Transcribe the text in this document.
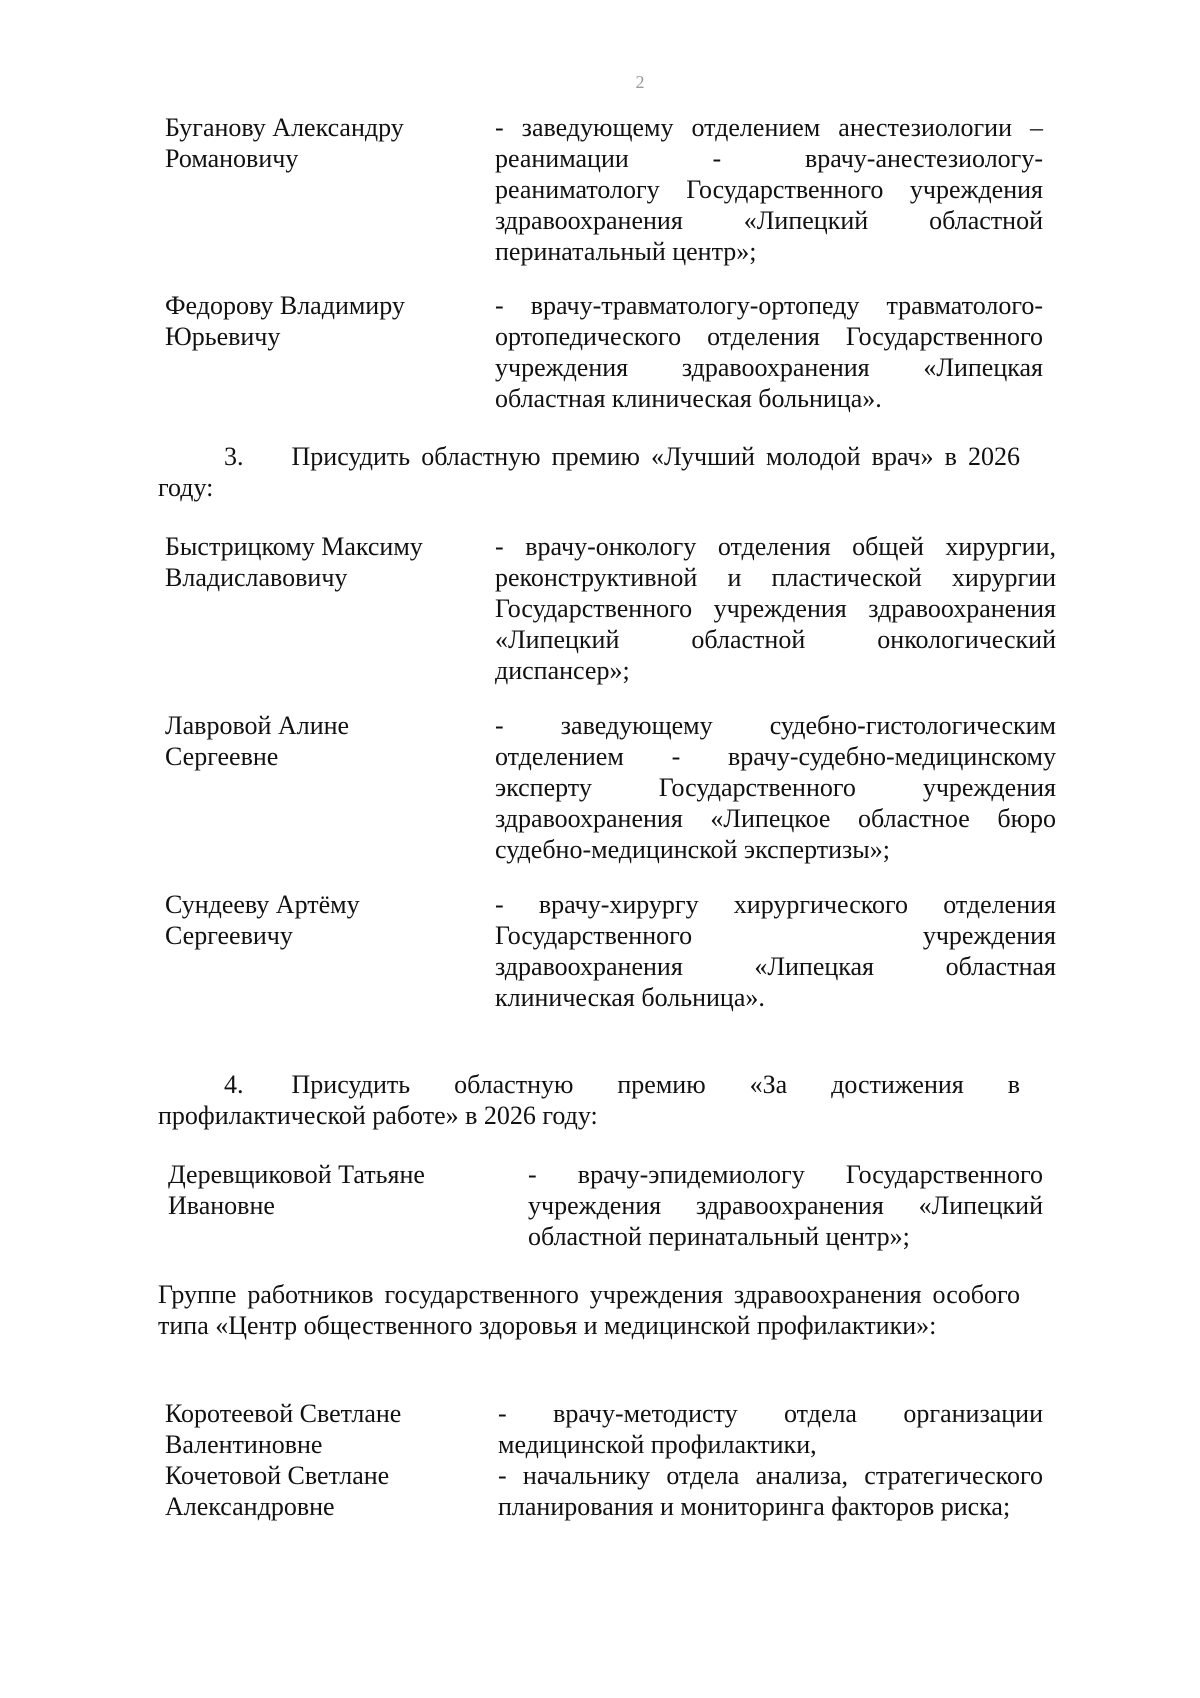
2
Буганову Александру
Романовичу
- заведующему отделением анестезиологии –
реанимации - врачу-анестезиологу-
реаниматологу Государственного учреждения
здравоохранения «Липецкий областной
перинатальный центр»;
Федорову Владимиру
Юрьевичу
- врачу-травматологу-ортопеду травматолого-
ортопедического отделения Государственного
учреждения здравоохранения «Липецкая
областная клиническая больница».
3. Присудить областную премию «Лучший молодой врач» в 2026
году:
Быстрицкому Максиму
Владиславовичу
- врачу-онкологу отделения общей хирургии,
реконструктивной и пластической хирургии
Государственного учреждения здравоохранения
«Липецкий областной онкологический
диспансер»;
Лавровой Алине
Сергеевне
- заведующему судебно-гистологическим
отделением - врачу-судебно-медицинскому
эксперту Государственного учреждения
здравоохранения «Липецкое областное бюро
судебно-медицинской экспертизы»;
Сундееву Артёму
Сергеевичу
- врачу-хирургу хирургического отделения
Государственного учреждения
здравоохранения «Липецкая областная
клиническая больница».
4. Присудить областную премию «За достижения в
профилактической работе» в 2026 году:
Деревщиковой Татьяне
Ивановне
- врачу-эпидемиологу Государственного
учреждения здравоохранения «Липецкий
областной перинатальный центр»;
Группе работников государственного учреждения здравоохранения особого
типа «Центр общественного здоровья и медицинской профилактики»:
Коротеевой Светлане
Валентиновне
- врачу-методисту отдела организации
медицинской профилактики,
Кочетовой Светлане
Александровне
- начальнику отдела анализа, стратегического
планирования и мониторинга факторов риска;
